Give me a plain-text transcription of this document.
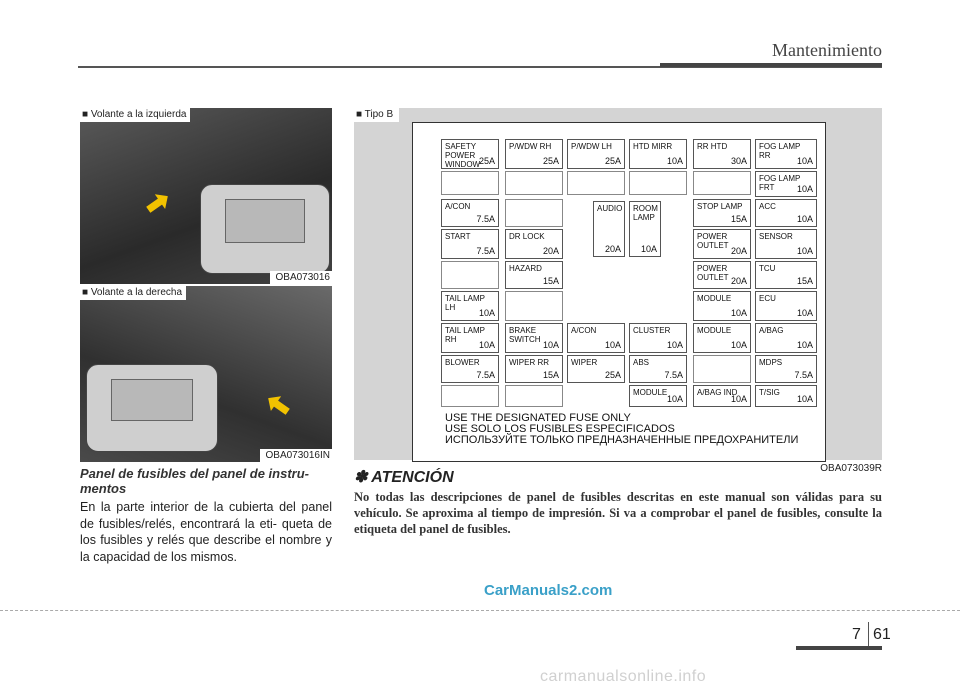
Mantenimiento
■ Volante a la izquierda
OBA073016
■ Volante a la derecha
OBA073016IN
■ Tipo B
SAFETY POWER WINDOW
25A
A/CON
7.5A
START
7.5A
TAIL LAMP LH
10A
TAIL LAMP RH
10A
BLOWER
7.5A
P/WDW RH
25A
DR LOCK
20A
HAZARD
15A
BRAKE SWITCH
10A
WIPER RR
15A
P/WDW LH
25A
AUDIO
20A
A/CON
10A
WIPER
25A
HTD MIRR
10A
ROOM LAMP
10A
CLUSTER
10A
ABS
7.5A
MODULE
10A
RR HTD
30A
STOP LAMP
15A
POWER OUTLET
20A
POWER OUTLET 20A
MODULE
10A
MODULE
10A
A/BAG IND
10A
FOG LAMP RR
10A
FOG LAMP FRT	10A
ACC
10A
SENSOR
10A
TCU
15A
ECU
10A
A/BAG
10A
MDPS
7.5A
T/SIG
10A
USE THE DESIGNATED FUSE ONLY
USE SOLO LOS FUSIBLES ESPECIFICADOS
ИСПОЛЬЗУЙТЕ ТОЛЬКО ПРЕДНАЗНАЧЕННЫЕ ПРЕДОХРАНИТЕЛИ
OBA073039R
Panel de fusibles del panel de instru- mentos
En la parte interior de la cubierta del panel de fusibles/relés, encontrará la eti- queta de los fusibles y relés que describe el nombre y la capacidad de los mismos.
✽ ATENCIÓN
No todas las descripciones de panel de fusibles descritas en este manual son válidas para su vehículo. Se aproxima al tiempo de impresión. Si va a comprobar el panel de fusibles, consulte la etiqueta del panel de fusibles.
CarManuals2.com
7 61
carmanualsonline.info
